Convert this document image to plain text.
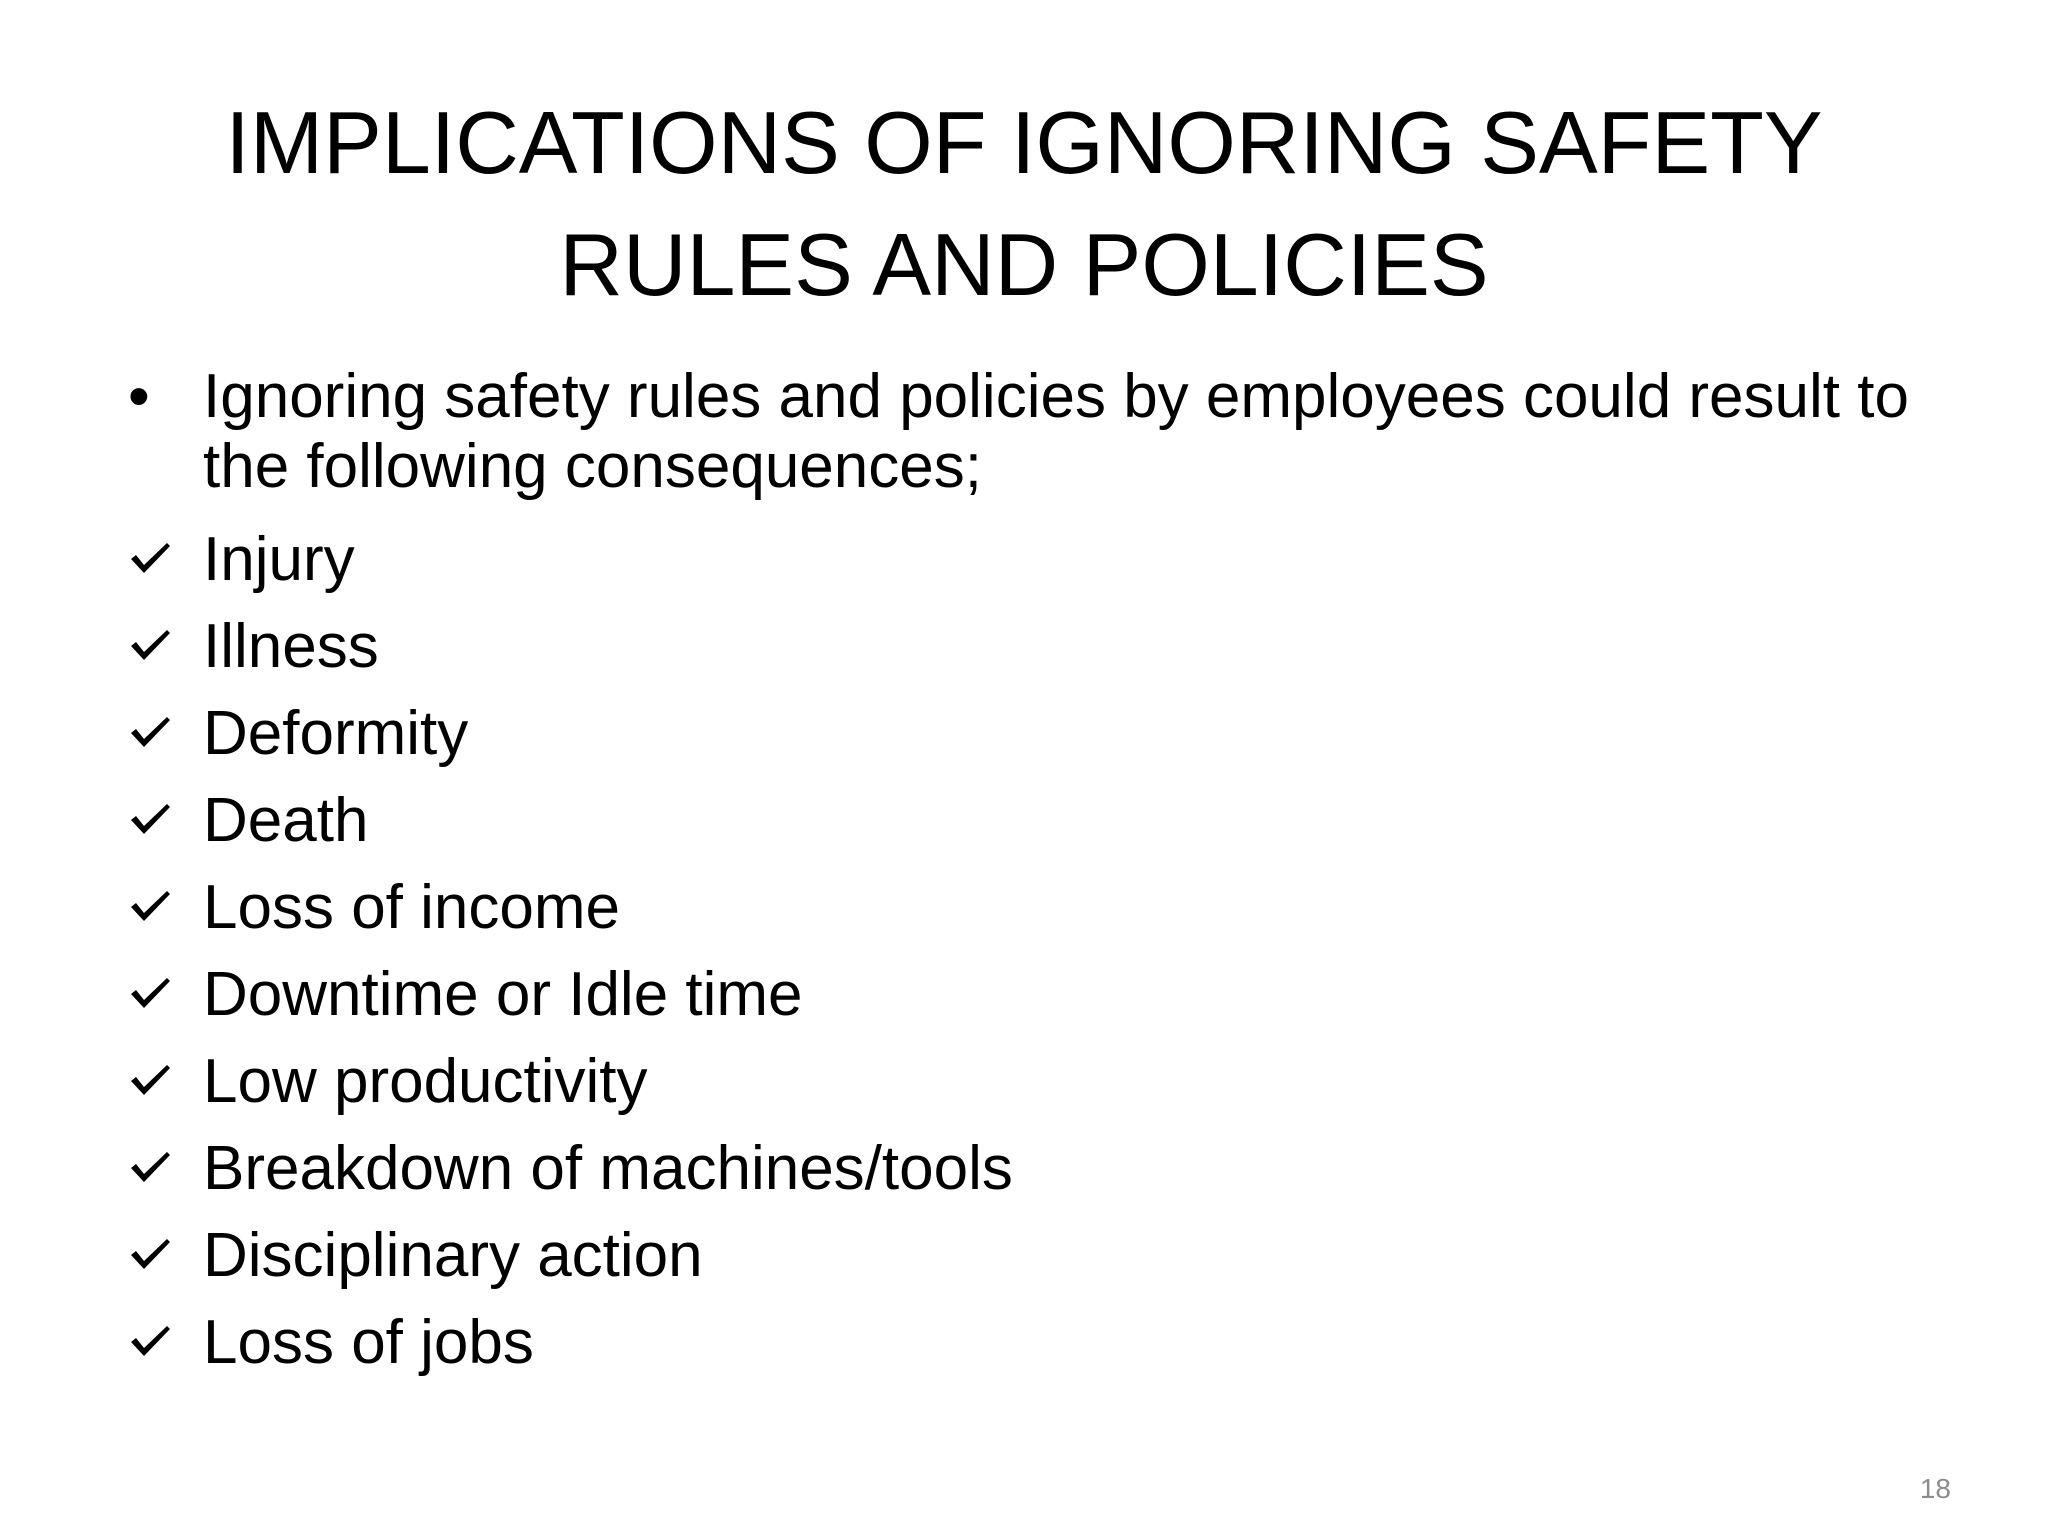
IMPLICATIONS OF IGNORING SAFETY
RULES AND POLICIES
• Ignoring safety rules and policies by employees could result to the following consequences;
Injury
Illness
Deformity
Death
Loss of income
Downtime or Idle time
Low productivity
Breakdown of machines/tools
Disciplinary action
Loss of jobs
18
